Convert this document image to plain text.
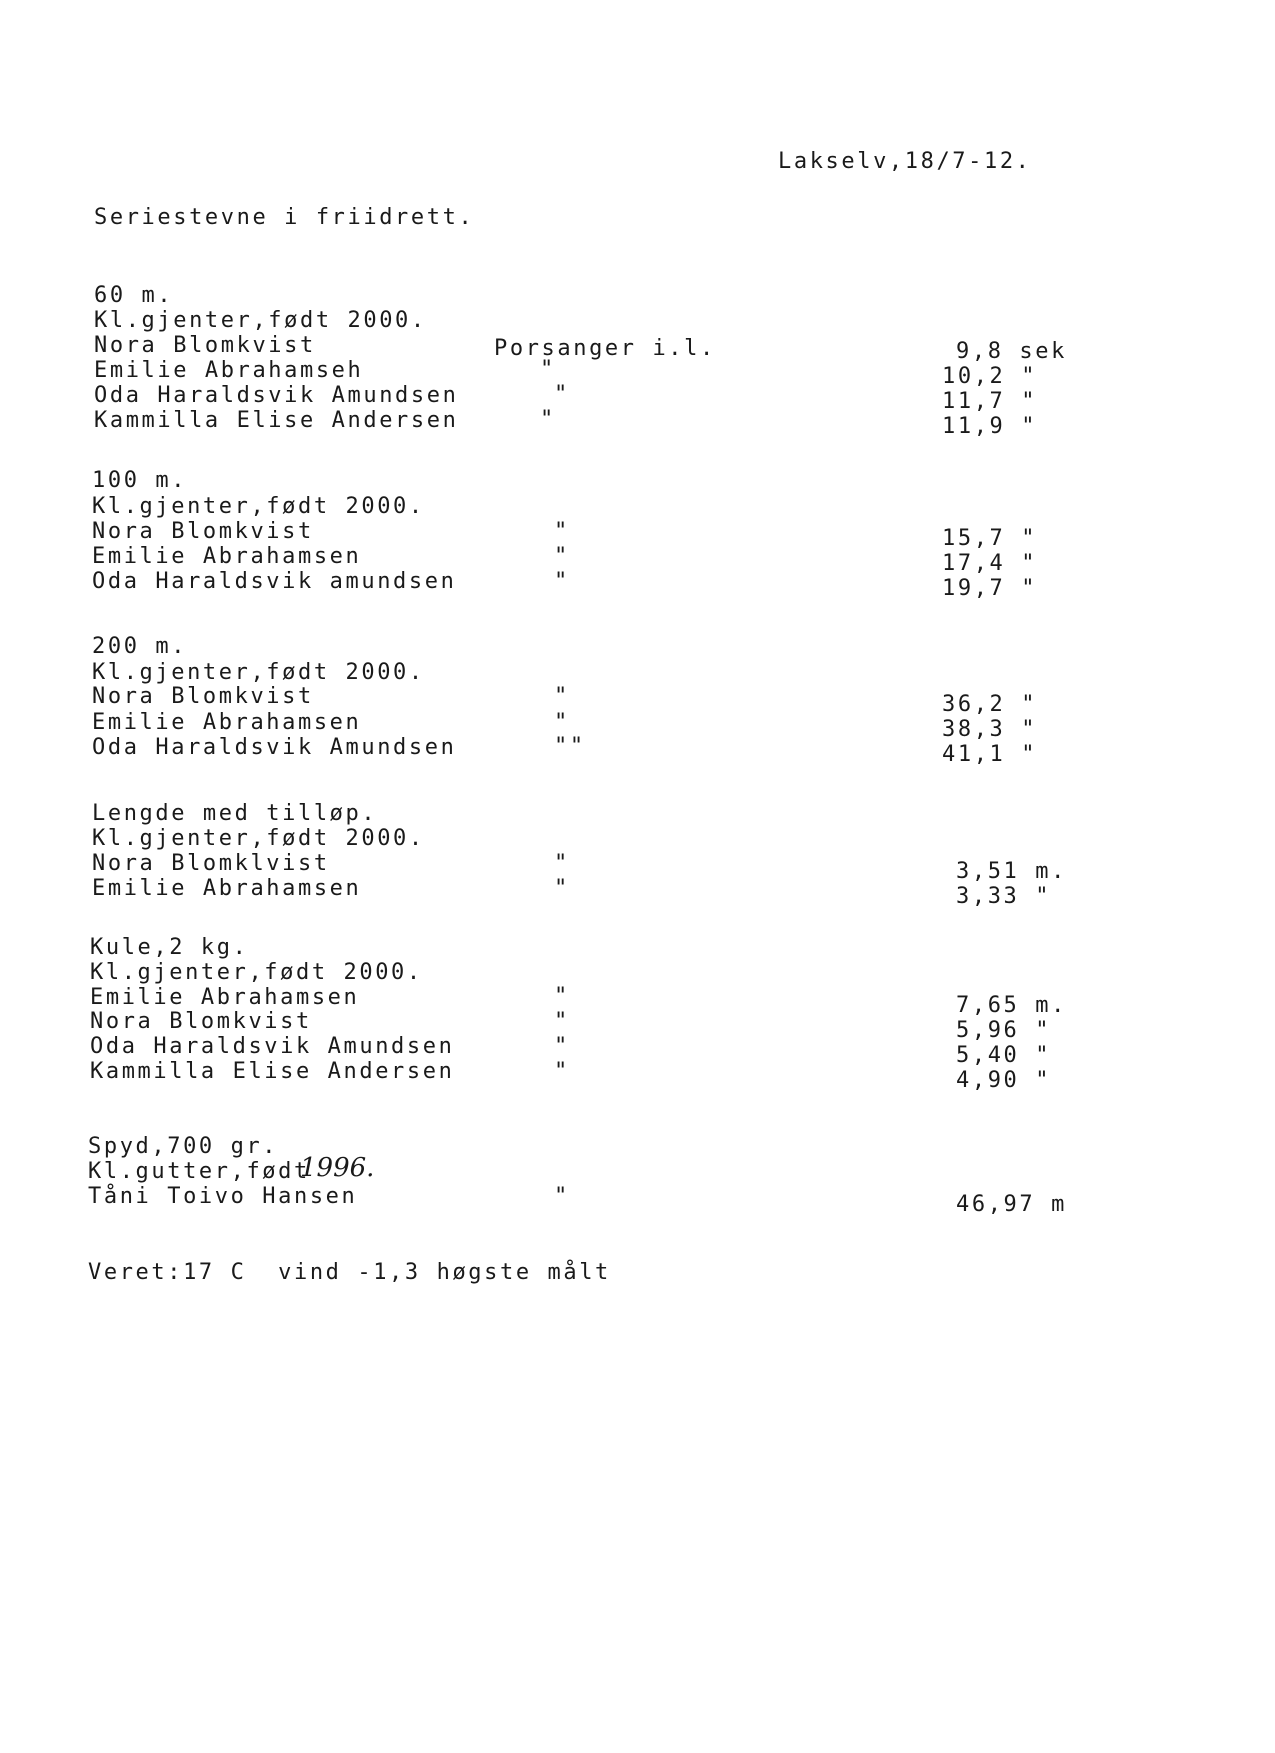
Lakselv,18/7-12.
Seriestevne i friidrett.
60 m.
Kl.gjenter,født 2000.
Nora Blomkvist	Porsanger i.l.	9,8 sek
Emilie Abrahamseh	"	10,2 "
Oda Haraldsvik Amundsen	"	11,7 "
Kammilla Elise Andersen	"	11,9 "
100 m.
Kl.gjenter,født 2000.
Nora Blomkvist	"	15,7 "
Emilie Abrahamsen	"	17,4 "
Oda Haraldsvik amundsen	"	19,7 "
200 m.
Kl.gjenter,født 2000.
Nora Blomkvist	"	36,2 "
Emilie Abrahamsen	"	38,3 "
Oda Haraldsvik Amundsen	""	41,1 "
Lengde med tilløp.
Kl.gjenter,født 2000.
Nora Blomklvist	"	3,51 m.
Emilie Abrahamsen	"	3,33 "
Kule,2 kg.
Kl.gjenter,født 2000.
Emilie Abrahamsen	"	7,65 m.
Nora Blomkvist	"	5,96 "
Oda Haraldsvik Amundsen	"	5,40 "
Kammilla Elise Andersen	"	4,90 "
Spyd,700 gr.
Kl.gutter,født
1996.
Tåni Toivo Hansen	"	46,97 m
Veret:17 C  vind -1,3 høgste målt
